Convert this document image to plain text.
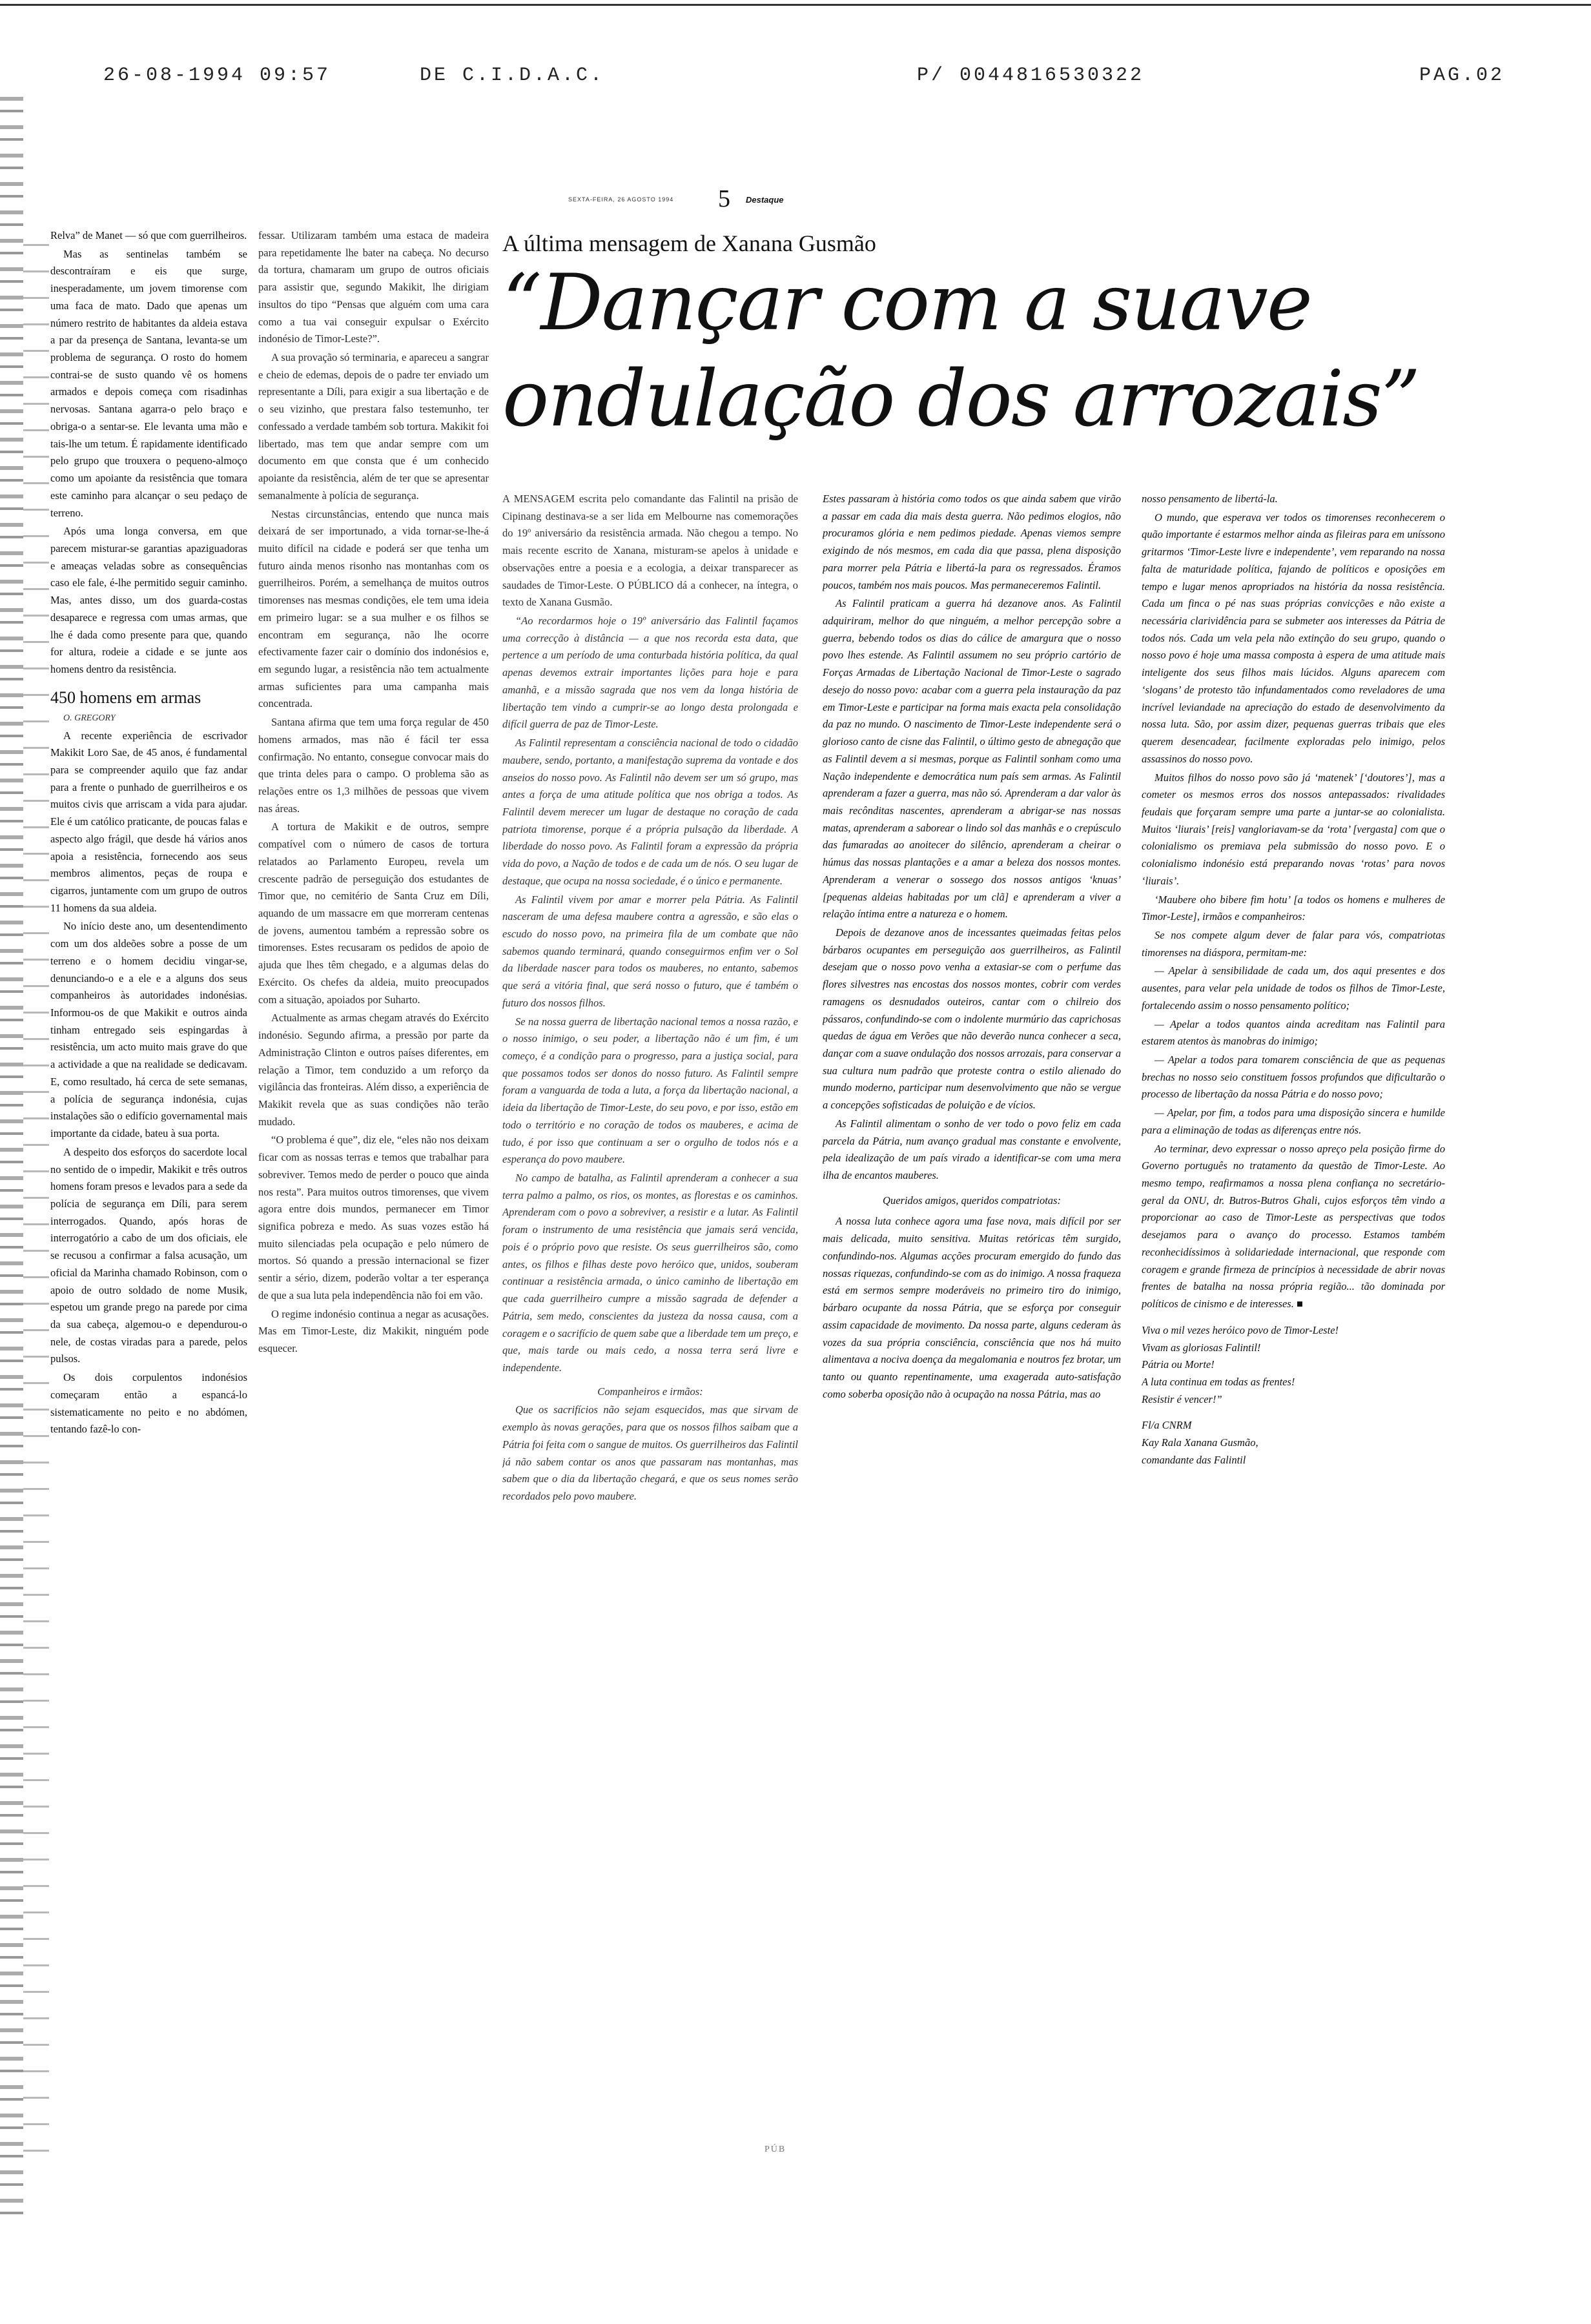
26-08-1994 09:57	DE C.I.D.A.C.	P/ 0044816530322	PAG.02
SEXTA-FEIRA, 26 AGOSTO 1994 5 Destaque

Relva” de Manet — só que com guerrilheiros.

Mas as sentinelas também se descontraíram e eis que surge, inesperadamente, um jovem timorense com uma faca de mato. Dado que apenas um número restrito de habitantes da aldeia estava a par da presença de Santana, levanta-se um problema de segurança. O rosto do homem contrai-se de susto quando vê os homens armados e depois começa com risadinhas nervosas. Santana agarra-o pelo braço e obriga-o a sentar-se. Ele levanta uma mão e tais-lhe um tetum. É rapidamente identificado pelo grupo que trouxera o pequeno-almoço como um apoiante da resistência que tomara este caminho para alcançar o seu pedaço de terreno.

Após uma longa conversa, em que parecem misturar-se garantias apaziguadoras e ameaças veladas sobre as consequências caso ele fale, é-lhe permitido seguir caminho. Mas, antes disso, um dos guarda-costas desaparece e regressa com umas armas, que lhe é dada como presente para que, quando for altura, rodeie a cidade e se junte aos homens dentro da resistência.

450 homens em armas

O. GREGORY

A recente experiência de escrivador Makikit Loro Sae, de 45 anos, é fundamental para se compreender aquilo que faz andar para a frente o punhado de guerrilheiros e os muitos civis que arriscam a vida para ajudar. Ele é um católico praticante, de poucas falas e aspecto algo frágil, que desde há vários anos apoia a resistência, fornecendo aos seus membros alimentos, peças de roupa e cigarros, juntamente com um grupo de outros 11 homens da sua aldeia.

No início deste ano, um desentendimento com um dos aldeões sobre a posse de um terreno e o homem decidiu vingar-se, denunciando-o e a ele e a alguns dos seus companheiros às autoridades indonésias. Informou-os de que Makikit e outros ainda tinham entregado seis espingardas à resistência, um acto muito mais grave do que a actividade a que na realidade se dedicavam. E, como resultado, há cerca de sete semanas, a polícia de segurança indonésia, cujas instalações são o edifício governamental mais importante da cidade, bateu à sua porta.

A despeito dos esforços do sacerdote local no sentido de o impedir, Makikit e três outros homens foram presos e levados para a sede da polícia de segurança em Díli, para serem interrogados. Quando, após horas de interrogatório a cabo de um dos oficiais, ele se recusou a confirmar a falsa acusação, um oficial da Marinha chamado Robinson, com o apoio de outro soldado de nome Musik, espetou um grande prego na parede por cima da sua cabeça, algemou-o e dependurou-o nele, de costas viradas para a parede, pelos pulsos.

Os dois corpulentos indonésios começaram então a espancá-lo sistematicamente no peito e no abdómen, tentando fazê-lo con-

fessar. Utilizaram também uma estaca de madeira para repetidamente lhe bater na cabeça. No decurso da tortura, chamaram um grupo de outros oficiais para assistir que, segundo Makikit, lhe dirigiam insultos do tipo “Pensas que alguém com uma cara como a tua vai conseguir expulsar o Exército indonésio de Timor-Leste?”.

A sua provação só terminaria, e apareceu a sangrar e cheio de edemas, depois de o padre ter enviado um representante a Díli, para exigir a sua libertação e de o seu vizinho, que prestara falso testemunho, ter confessado a verdade também sob tortura. Makikit foi libertado, mas tem que andar sempre com um documento em que consta que é um conhecido apoiante da resistência, além de ter que se apresentar semanalmente à polícia de segurança.

Nestas circunstâncias, entendo que nunca mais deixará de ser importunado, a vida tornar-se-lhe-á muito difícil na cidade e poderá ser que tenha um futuro ainda menos risonho nas montanhas com os guerrilheiros. Porém, a semelhança de muitos outros timorenses nas mesmas condições, ele tem uma ideia em primeiro lugar: se a sua mulher e os filhos se encontram em segurança, não lhe ocorre efectivamente fazer cair o domínio dos indonésios e, em segundo lugar, a resistência não tem actualmente armas suficientes para uma campanha mais concentrada.

Santana afirma que tem uma força regular de 450 homens armados, mas não é fácil ter essa confirmação. No entanto, consegue convocar mais do que trinta deles para o campo. O problema são as relações entre os 1,3 milhões de pessoas que vivem nas áreas.

A tortura de Makikit e de outros, sempre compatível com o número de casos de tortura relatados ao Parlamento Europeu, revela um crescente padrão de perseguição dos estudantes de Timor que, no cemitério de Santa Cruz em Díli, aquando de um massacre em que morreram centenas de jovens, aumentou também a repressão sobre os timorenses. Estes recusaram os pedidos de apoio de ajuda que lhes têm chegado, e a algumas delas do Exército. Os chefes da aldeia, muito preocupados com a situação, apoiados por Suharto.

Actualmente as armas chegam através do Exército indonésio. Segundo afirma, a pressão por parte da Administração Clinton e outros países diferentes, em relação a Timor, tem conduzido a um reforço da vigilância das fronteiras. Além disso, a experiência de Makikit revela que as suas condições não terão mudado.

“O problema é que”, diz ele, “eles não nos deixam ficar com as nossas terras e temos que trabalhar para sobreviver. Temos medo de perder o pouco que ainda nos resta”. Para muitos outros timorenses, que vivem agora entre dois mundos, permanecer em Timor significa pobreza e medo. As suas vozes estão há muito silenciadas pela ocupação e pelo número de mortos. Só quando a pressão internacional se fizer sentir a sério, dizem, poderão voltar a ter esperança de que a sua luta pela independência não foi em vão.

O regime indonésio continua a negar as acusações. Mas em Timor-Leste, diz Makikit, ninguém pode esquecer.

A última mensagem de Xanana Gusmão
“Dançar com a suave
ondulação dos arrozais”

A MENSAGEM escrita pelo comandante das Falintil na prisão de Cipinang destinava-se a ser lida em Melbourne nas comemorações do 19º aniversário da resistência armada. Não chegou a tempo. No mais recente escrito de Xanana, misturam-se apelos à unidade e observações entre a poesia e a ecologia, a deixar transparecer as saudades de Timor-Leste. O PÚBLICO dá a conhecer, na íntegra, o texto de Xanana Gusmão.

“Ao recordarmos hoje o 19º aniversário das Falintil façamos uma correcção à distância — a que nos recorda esta data, que pertence a um período de uma conturbada história política, da qual apenas devemos extrair importantes lições para hoje e para amanhã, e a missão sagrada que nos vem da longa história de libertação tem vindo a cumprir-se ao longo desta prolongada e difícil guerra de paz de Timor-Leste.

As Falintil representam a consciência nacional de todo o cidadão maubere, sendo, portanto, a manifestação suprema da vontade e dos anseios do nosso povo. As Falintil não devem ser um só grupo, mas antes a força de uma atitude política que nos obriga a todos. As Falintil devem merecer um lugar de destaque no coração de cada patriota timorense, porque é a própria pulsação da liberdade. A liberdade do nosso povo. As Falintil foram a expressão da própria vida do povo, a Nação de todos e de cada um de nós. O seu lugar de destaque, que ocupa na nossa sociedade, é o único e permanente.

As Falintil vivem por amar e morrer pela Pátria. As Falintil nasceram de uma defesa maubere contra a agressão, e são elas o escudo do nosso povo, na primeira fila de um combate que não sabemos quando terminará, quando conseguirmos enfim ver o Sol da liberdade nascer para todos os mauberes, no entanto, sabemos que será a vitória final, que será nosso o futuro, que é também o futuro dos nossos filhos.

Se na nossa guerra de libertação nacional temos a nossa razão, e o nosso inimigo, o seu poder, a libertação não é um fim, é um começo, é a condição para o progresso, para a justiça social, para que possamos todos ser donos do nosso futuro. As Falintil sempre foram a vanguarda de toda a luta, a força da libertação nacional, a ideia da libertação de Timor-Leste, do seu povo, e por isso, estão em todo o território e no coração de todos os mauberes, e acima de tudo, é por isso que continuam a ser o orgulho de todos nós e a esperança do povo maubere.

No campo de batalha, as Falintil aprenderam a conhecer a sua terra palmo a palmo, os rios, os montes, as florestas e os caminhos. Aprenderam com o povo a sobreviver, a resistir e a lutar. As Falintil foram o instrumento de uma resistência que jamais será vencida, pois é o próprio povo que resiste. Os seus guerrilheiros são, como antes, os filhos e filhas deste povo heróico que, unidos, souberam continuar a resistência armada, o único caminho de libertação em que cada guerrilheiro cumpre a missão sagrada de defender a Pátria, sem medo, conscientes da justeza da nossa causa, com a coragem e o sacrifício de quem sabe que a liberdade tem um preço, e que, mais tarde ou mais cedo, a nossa terra será livre e independente.

Companheiros e irmãos:

Que os sacrifícios não sejam esquecidos, mas que sirvam de exemplo às novas gerações, para que os nossos filhos saibam que a Pátria foi feita com o sangue de muitos. Os guerrilheiros das Falintil já não sabem contar os anos que passaram nas montanhas, mas sabem que o dia da libertação chegará, e que os seus nomes serão recordados pelo povo maubere.

Estes passaram à história como todos os que ainda sabem que virão a passar em cada dia mais desta guerra. Não pedimos elogios, não procuramos glória e nem pedimos piedade. Apenas viemos sempre exigindo de nós mesmos, em cada dia que passa, plena disposição para morrer pela Pátria e libertá-la para os regressados. Éramos poucos, também nos mais poucos. Mas permaneceremos Falintil.

As Falintil praticam a guerra há dezanove anos. As Falintil adquiriram, melhor do que ninguém, a melhor percepção sobre a guerra, bebendo todos os dias do cálice de amargura que o nosso povo lhes estende. As Falintil assumem no seu próprio cartório de Forças Armadas de Libertação Nacional de Timor-Leste o sagrado desejo do nosso povo: acabar com a guerra pela instauração da paz em Timor-Leste e participar na forma mais exacta pela consolidação da paz no mundo. O nascimento de Timor-Leste independente será o glorioso canto de cisne das Falintil, o último gesto de abnegação que as Falintil devem a si mesmas, porque as Falintil sonham como uma Nação independente e democrática num país sem armas. As Falintil aprenderam a fazer a guerra, mas não só. Aprenderam a dar valor às mais recônditas nascentes, aprenderam a abrigar-se nas nossas matas, aprenderam a saborear o lindo sol das manhãs e o crepúsculo das fumaradas ao anoitecer do silêncio, aprenderam a cheirar o húmus das nossas plantações e a amar a beleza dos nossos montes. Aprenderam a venerar o sossego dos nossos antigos ‘knuas’ [pequenas aldeias habitadas por um clã] e aprenderam a viver a relação íntima entre a natureza e o homem.

Depois de dezanove anos de incessantes queimadas feitas pelos bárbaros ocupantes em perseguição aos guerrilheiros, as Falintil desejam que o nosso povo venha a extasiar-se com o perfume das flores silvestres nas encostas dos nossos montes, cobrir com verdes ramagens os desnudados outeiros, cantar com o chilreio dos pássaros, confundindo-se com o indolente murmúrio das caprichosas quedas de água em Verões que não deverão nunca conhecer a seca, dançar com a suave ondulação dos nossos arrozais, para conservar a sua cultura num padrão que proteste contra o estilo alienado do mundo moderno, participar num desenvolvimento que não se vergue a concepções sofisticadas de poluição e de vícios.

As Falintil alimentam o sonho de ver todo o povo feliz em cada parcela da Pátria, num avanço gradual mas constante e envolvente, pela idealização de um país virado a identificar-se com uma mera ilha de encantos mauberes.

Queridos amigos, queridos compatriotas:

A nossa luta conhece agora uma fase nova, mais difícil por ser mais delicada, muito sensitiva. Muitas retóricas têm surgido, confundindo-nos. Algumas acções procuram emergido do fundo das nossas riquezas, confundindo-se com as do inimigo. A nossa fraqueza está em sermos sempre moderáveis no primeiro tiro do inimigo, bárbaro ocupante da nossa Pátria, que se esforça por conseguir assim capacidade de movimento. Da nossa parte, alguns cederam às vozes da sua própria consciência, consciência que nos há muito alimentava a nociva doença da megalomania e noutros fez brotar, um tanto ou quanto repentinamente, uma exagerada auto-satisfação como soberba oposição não à ocupação na nossa Pátria, mas ao

nosso pensamento de libertá-la.

O mundo, que esperava ver todos os timorenses reconhecerem o quão importante é estarmos melhor ainda as fileiras para em uníssono gritarmos ‘Timor-Leste livre e independente’, vem reparando na nossa falta de maturidade política, fajando de políticos e oposições em tempo e lugar menos apropriados na história da nossa resistência. Cada um finca o pé nas suas próprias convicções e não existe a necessária clarividência para se submeter aos interesses da Pátria de todos nós. Cada um vela pela não extinção do seu grupo, quando o nosso povo é hoje uma massa composta à espera de uma atitude mais inteligente dos seus filhos mais lúcidos. Alguns aparecem com ‘slogans’ de protesto tão infundamentados como reveladores de uma incrível leviandade na apreciação do estado de desenvolvimento da nossa luta. São, por assim dizer, pequenas guerras tribais que eles querem desencadear, facilmente exploradas pelo inimigo, pelos assassinos do nosso povo.

Muitos filhos do nosso povo são já ‘matenek’ [‘doutores’], mas a cometer os mesmos erros dos nossos antepassados: rivalidades feudais que forçaram sempre uma parte a juntar-se ao colonialista. Muitos ‘liurais’ [reis] vangloriavam-se da ‘rota’ [vergasta] com que o colonialismo os premiava pela submissão do nosso povo. E o colonialismo indonésio está preparando novas ‘rotas’ para novos ‘liurais’.

‘Maubere oho bibere fim hotu’ [a todos os homens e mulheres de Timor-Leste], irmãos e companheiros:

Se nos compete algum dever de falar para vós, compatriotas timorenses na diáspora, permitam-me:

— Apelar à sensibilidade de cada um, dos aqui presentes e dos ausentes, para velar pela unidade de todos os filhos de Timor-Leste, fortalecendo assim o nosso pensamento político;

— Apelar a todos quantos ainda acreditam nas Falintil para estarem atentos às manobras do inimigo;

— Apelar a todos para tomarem consciência de que as pequenas brechas no nosso seio constituem fossos profundos que dificultarão o processo de libertação da nossa Pátria e do nosso povo;

— Apelar, por fim, a todos para uma disposição sincera e humilde para a eliminação de todas as diferenças entre nós.

Ao terminar, devo expressar o nosso apreço pela posição firme do Governo português no tratamento da questão de Timor-Leste. Ao mesmo tempo, reafirmamos a nossa plena confiança no secretário-geral da ONU, dr. Butros-Butros Ghali, cujos esforços têm vindo a proporcionar ao caso de Timor-Leste as perspectivas que todos desejamos para o avanço do processo. Estamos também reconhecidíssimos à solidariedade internacional, que responde com coragem e grande firmeza de princípios à necessidade de abrir novas frentes de batalha na nossa própria região... tão dominada por políticos de cinismo e de interesses. ■

Viva o mil vezes heróico povo de Timor-Leste!
Vivam as gloriosas Falintil!
Pátria ou Morte!
A luta continua em todas as frentes!
Resistir é vencer!”

Fl/a CNRM
Kay Rala Xanana Gusmão,
comandante das Falintil

PÚB
